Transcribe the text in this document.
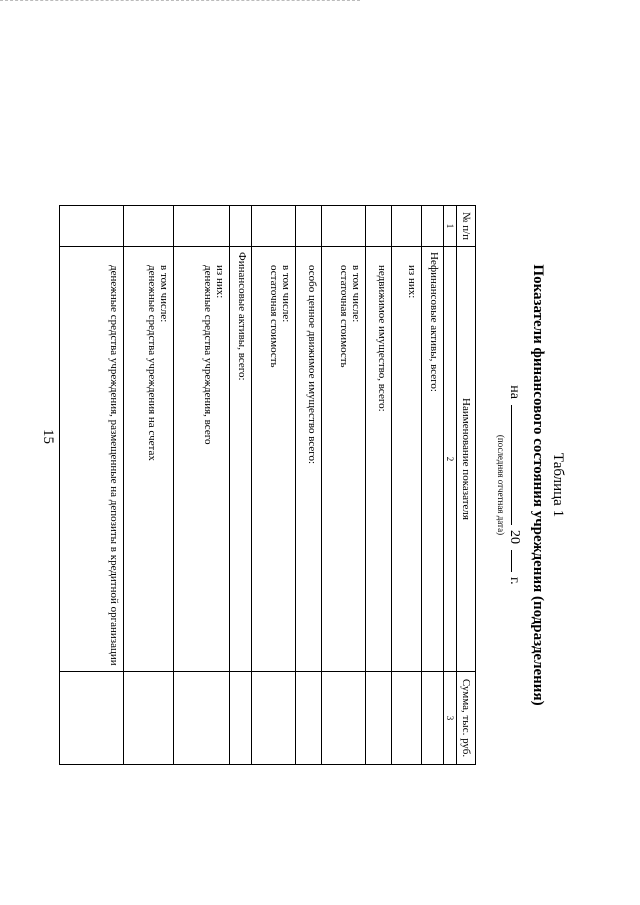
15
Таблица 1
Показатели финансового состояния учреждения (подразделения)
на  20  г.
(последняя отчетная дата)
№ п/п	Наименование показателя	Сумма, тыс. руб.
1	2	3

	Нефинансовые активы, всего:	

	из них:	

	недвижимое имущество, всего:	

	в том числе:
остаточная стоимость	

	особо ценное движимое имущество всего:	

	в том числе:
остаточная стоимость	

	Финансовые активы, всего:	

	из них:
денежные средства учреждения, всего	

	в том числе:
денежные средства учреждения на счетах	

	денежные средства учреждения, размещенные на депозиты в кредитной организации	
